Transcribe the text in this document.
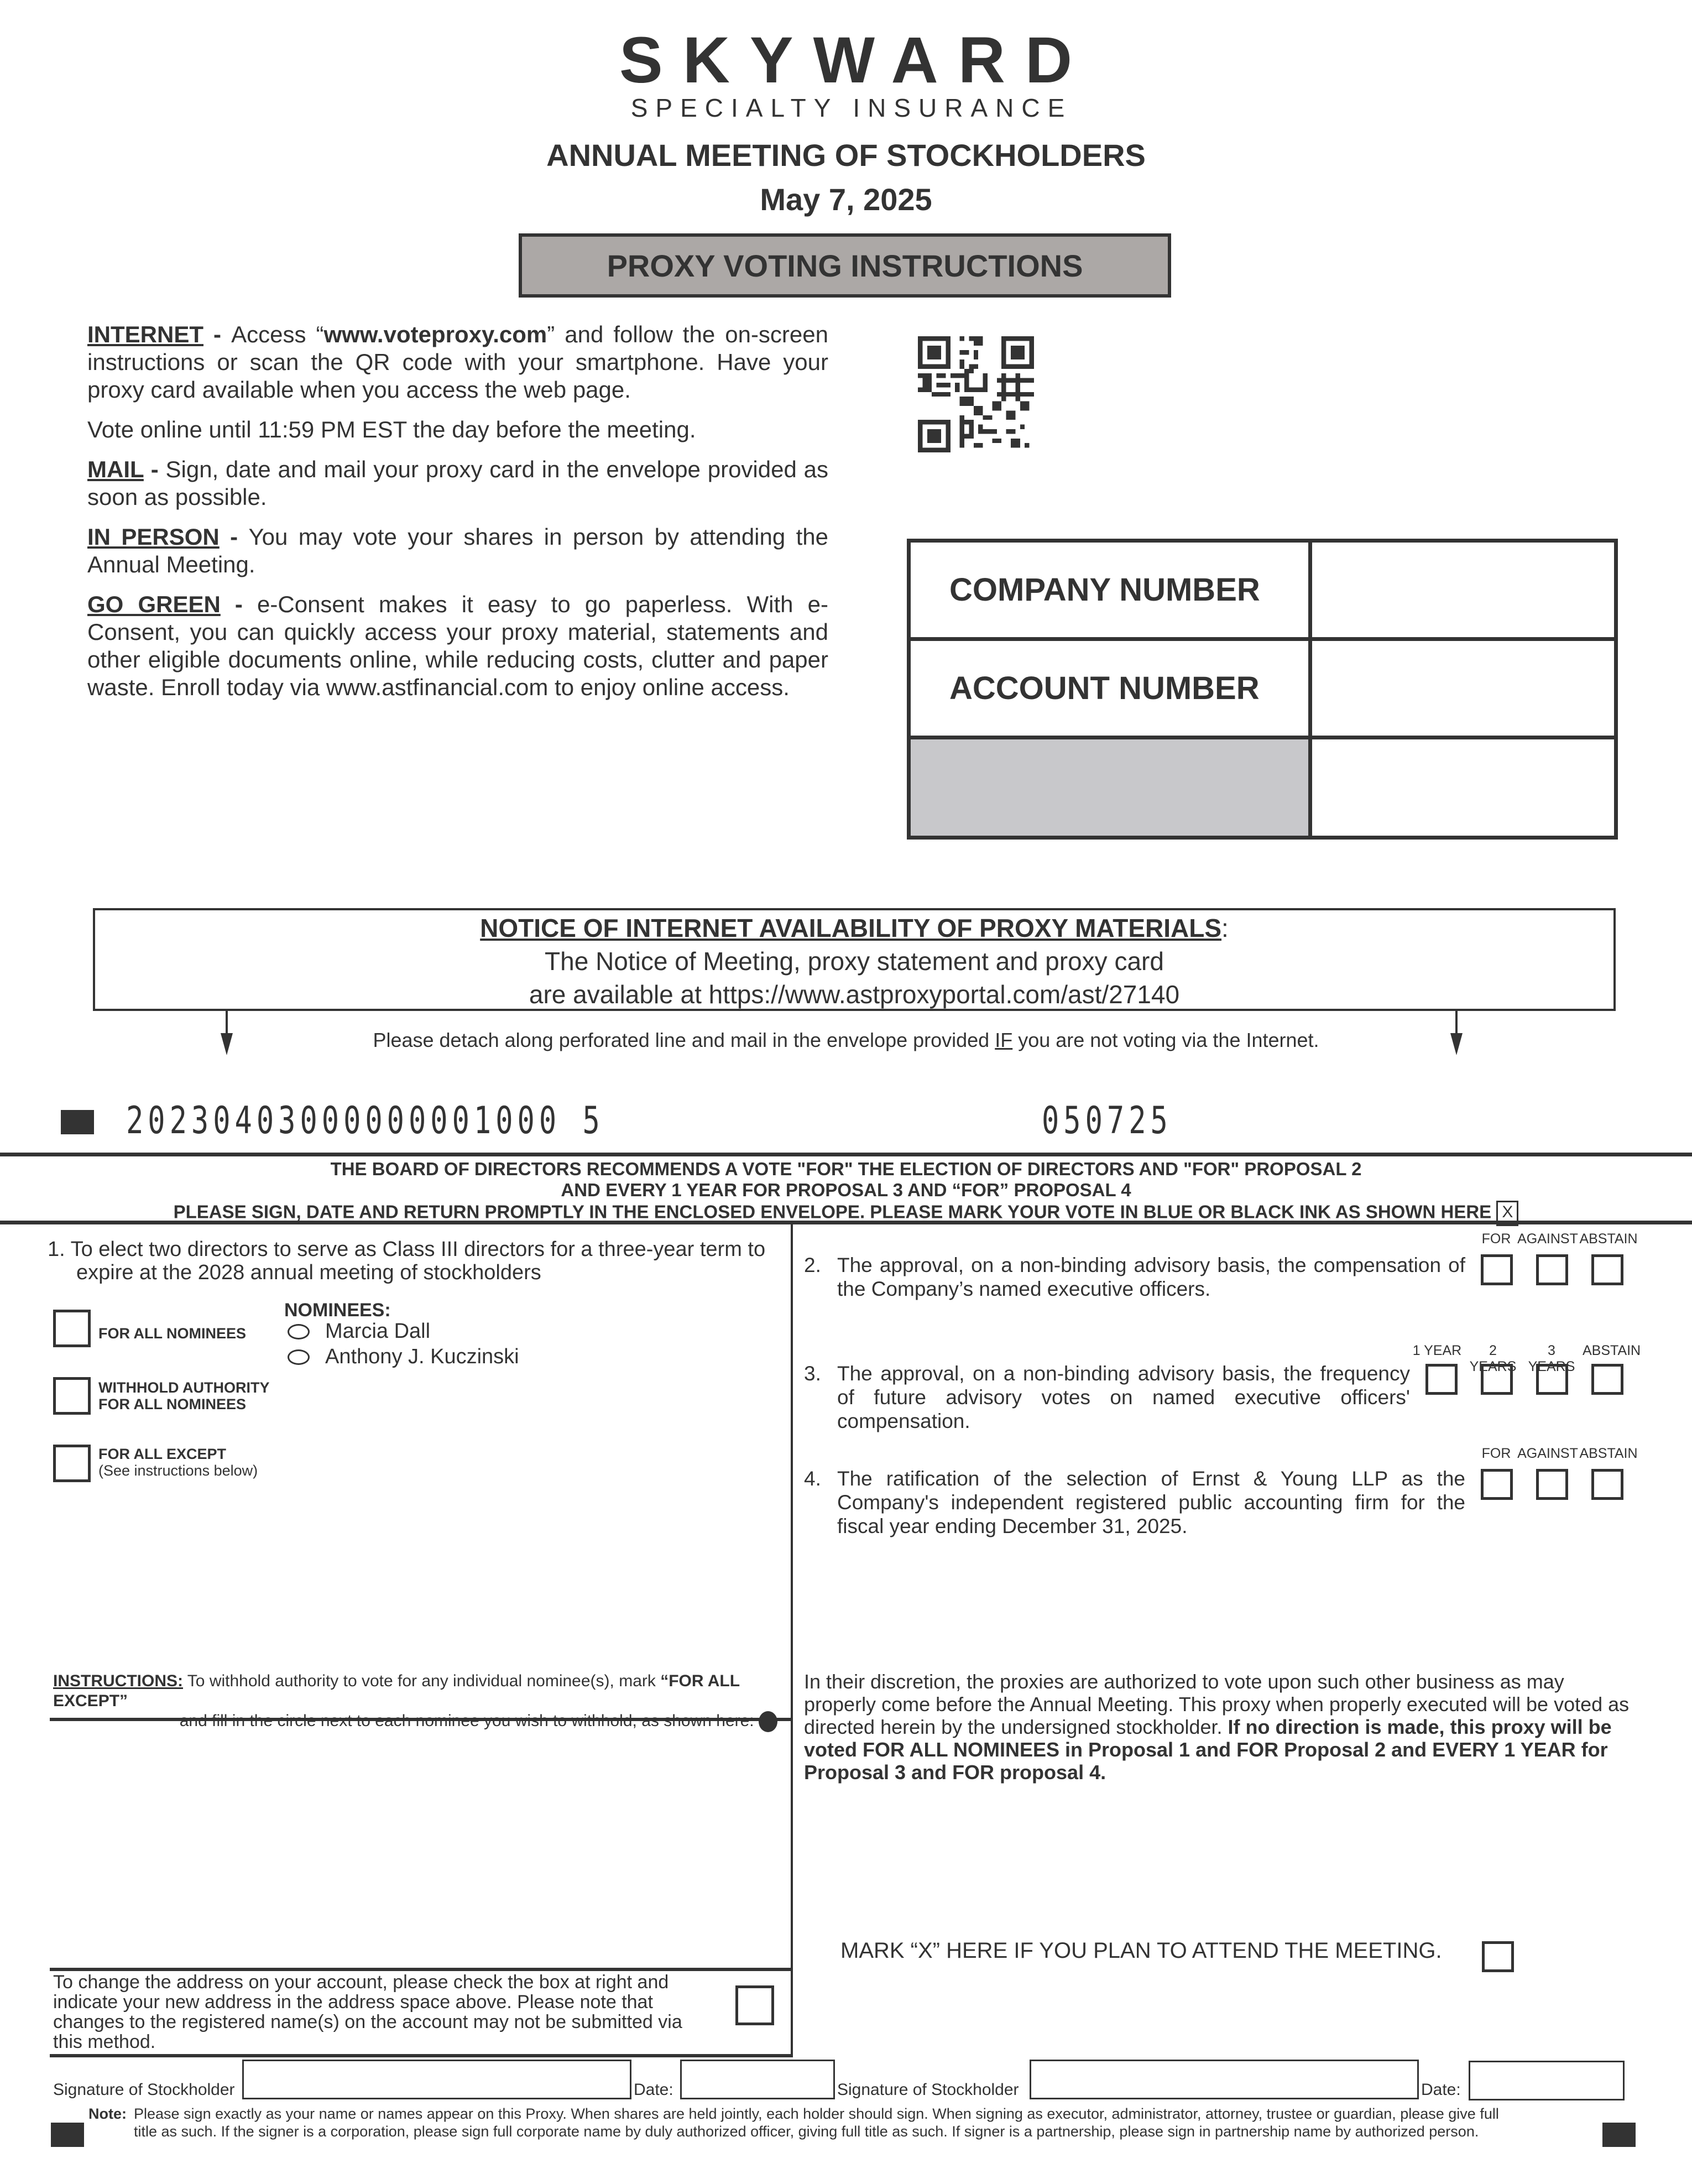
SKYWARD
SPECIALTY INSURANCE
ANNUAL MEETING OF STOCKHOLDERS
May 7, 2025
PROXY VOTING INSTRUCTIONS

INTERNET - Access “www.voteproxy.com” and follow the on-screen instructions or scan the QR code with your smartphone. Have your proxy card available when you access the web page.

Vote online until 11:59 PM EST the day before the meeting.

MAIL - Sign, date and mail your proxy card in the envelope provided as soon as possible.

IN PERSON - You may vote your shares in person by attending the Annual Meeting.

GO GREEN - e-Consent makes it easy to go paperless. With e-Consent, you can quickly access your proxy material, statements and other eligible documents online, while reducing costs, clutter and paper waste. Enroll today via www.astfinancial.com to enjoy online access.

COMPANY NUMBER
ACCOUNT NUMBER
NOTICE OF INTERNET AVAILABILITY OF PROXY MATERIALS:
The Notice of Meeting, proxy statement and proxy card
are available at https://www.astproxyportal.com/ast/27140
Please detach along perforated line and mail in the envelope provided IF you are not voting via the Internet.
20230403000000001000 5	050725
THE BOARD OF DIRECTORS RECOMMENDS A VOTE "FOR" THE ELECTION OF DIRECTORS AND "FOR" PROPOSAL 2
AND EVERY 1 YEAR FOR PROPOSAL 3 AND “FOR” PROPOSAL 4
PLEASE SIGN, DATE AND RETURN PROMPTLY IN THE ENCLOSED ENVELOPE. PLEASE MARK YOUR VOTE IN BLUE OR BLACK INK AS SHOWN HERE X
1. To elect two directors to serve as Class III directors for a three-year term to
expire at the 2028 annual meeting of stockholders
FOR ALL NOMINEES
WITHHOLD AUTHORITY
FOR ALL NOMINEES
FOR ALL EXCEPT
(See instructions below)
NOMINEES:
Marcia Dall
Anthony J. Kuczinski
2. The approval, on a non-binding advisory basis, the compensation of the Company’s named executive officers.
FOR AGAINST ABSTAIN
3. The approval, on a non-binding advisory basis, the frequency of future advisory votes on named executive officers' compensation.
1 YEAR	2 YEARS
3 YEARS
ABSTAIN
4. The ratification of the selection of Ernst & Young LLP as the Company's independent registered public accounting firm for the fiscal year ending December 31, 2025.
FOR AGAINST ABSTAIN
INSTRUCTIONS: To withhold authority to vote for any individual nominee(s), mark “FOR ALL EXCEPT”
In their discretion, the proxies are authorized to vote upon such other business as may properly come before the Annual Meeting. This proxy when properly executed will be voted as directed herein by the undersigned stockholder. If no direction is made, this proxy will be voted FOR ALL NOMINEES in Proposal 1 and FOR Proposal 2 and EVERY 1 YEAR for Proposal 3 and FOR proposal 4.
To change the address on your account, please check the box at right and indicate your new address in the address space above. Please note that changes to the registered name(s) on the account may not be submitted via this method.
MARK “X” HERE IF YOU PLAN TO ATTEND THE MEETING.
Signature of Stockholder	Date:	Signature of Stockholder	Date:
Note: Please sign exactly as your name or names appear on this Proxy. When shares are held jointly, each holder should sign. When signing as executor, administrator, attorney, trustee or guardian, please give full
title as such. If the signer is a corporation, please sign full corporate name by duly authorized officer, giving full title as such. If signer is a partnership, please sign in partnership name by authorized person.
